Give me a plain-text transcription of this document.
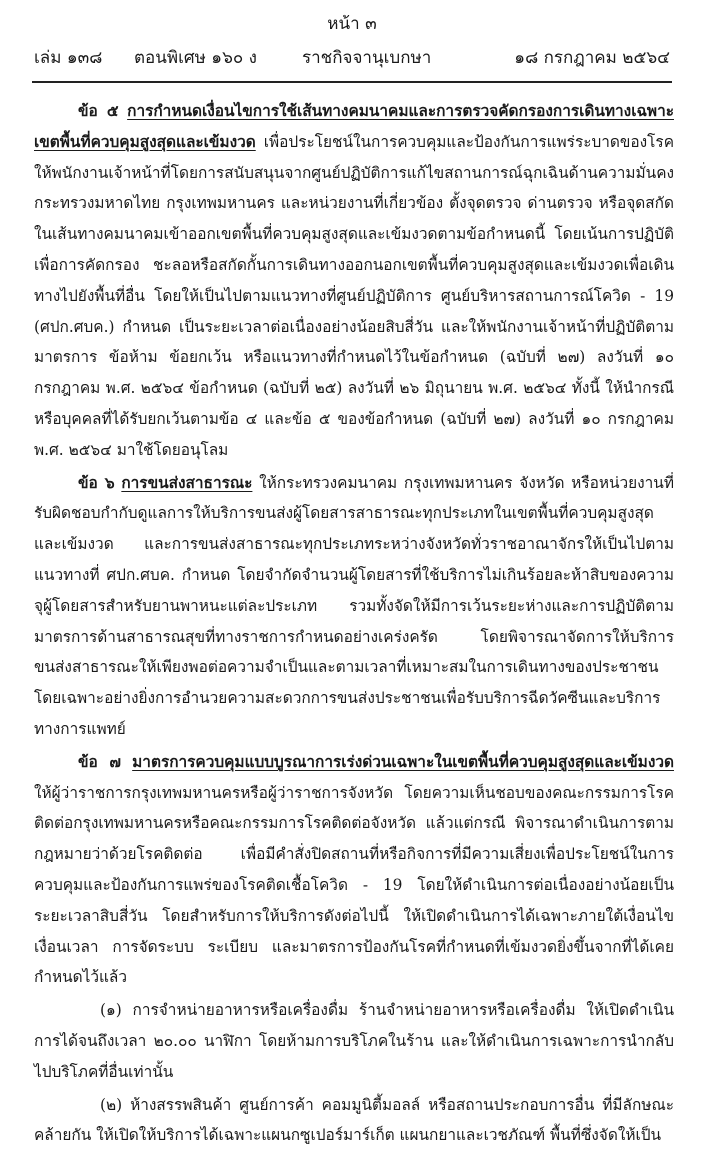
หน้า ๓
เล่ม ๑๓๘ ตอนพิเศษ ๑๖๐ ง	ราชกิจจานุเบกษา	๑๘ กรกฎาคม ๒๕๖๔

ข้อ ๕ การกำหนดเงื่อนไขการใช้เส้นทางคมนาคมและการตรวจคัดกรองการเดินทางเฉพาะเขตพื้นที่ควบคุมสูงสุดและเข้มงวด เพื่อประโยชน์ในการควบคุมและป้องกันการแพร่ระบาดของโรค ให้พนักงานเจ้าหน้าที่โดยการสนับสนุนจากศูนย์ปฏิบัติการแก้ไขสถานการณ์ฉุกเฉินด้านความมั่นคง กระทรวงมหาดไทย กรุงเทพมหานคร และหน่วยงานที่เกี่ยวข้อง ตั้งจุดตรวจ ด่านตรวจ หรือจุดสกัด ในเส้นทางคมนาคมเข้าออกเขตพื้นที่ควบคุมสูงสุดและเข้มงวดตามข้อกำหนดนี้ โดยเน้นการปฏิบัติเพื่อการคัดกรอง ชะลอหรือสกัดกั้นการเดินทางออกนอกเขตพื้นที่ควบคุมสูงสุดและเข้มงวดเพื่อเดินทางไปยังพื้นที่อื่น โดยให้เป็นไปตามแนวทางที่ศูนย์ปฏิบัติการ ศูนย์บริหารสถานการณ์โควิด - 19 (ศปก.ศบค.) กำหนด เป็นระยะเวลาต่อเนื่องอย่างน้อยสิบสี่วัน และให้พนักงานเจ้าหน้าที่ปฏิบัติตามมาตรการ ข้อห้าม ข้อยกเว้น หรือแนวทางที่กำหนดไว้ในข้อกำหนด (ฉบับที่ ๒๗) ลงวันที่ ๑๐ กรกฎาคม พ.ศ. ๒๕๖๔ ข้อกำหนด (ฉบับที่ ๒๕) ลงวันที่ ๒๖ มิถุนายน พ.ศ. ๒๕๖๔ ทั้งนี้ ให้นำกรณีหรือบุคคลที่ได้รับยกเว้นตามข้อ ๔ และข้อ ๕ ของข้อกำหนด (ฉบับที่ ๒๗) ลงวันที่ ๑๐ กรกฎาคม พ.ศ. ๒๕๖๔ มาใช้โดยอนุโลม

ข้อ ๖ การขนส่งสาธารณะ ให้กระทรวงคมนาคม กรุงเทพมหานคร จังหวัด หรือหน่วยงานที่รับผิดชอบกำกับดูแลการให้บริการขนส่งผู้โดยสารสาธารณะทุกประเภทในเขตพื้นที่ควบคุมสูงสุดและเข้มงวด และการขนส่งสาธารณะทุกประเภทระหว่างจังหวัดทั่วราชอาณาจักรให้เป็นไปตามแนวทางที่ ศปก.ศบค. กำหนด โดยจำกัดจำนวนผู้โดยสารที่ใช้บริการไม่เกินร้อยละห้าสิบของความจุผู้โดยสารสำหรับยานพาหนะแต่ละประเภท รวมทั้งจัดให้มีการเว้นระยะห่างและการปฏิบัติตามมาตรการด้านสาธารณสุขที่ทางราชการกำหนดอย่างเคร่งครัด โดยพิจารณาจัดการให้บริการขนส่งสาธารณะให้เพียงพอต่อความจำเป็นและตามเวลาที่เหมาะสมในการเดินทางของประชาชน โดยเฉพาะอย่างยิ่งการอำนวยความสะดวกการขนส่งประชาชนเพื่อรับบริการฉีดวัคซีนและบริการทางการแพทย์

ข้อ ๗ มาตรการควบคุมแบบบูรณาการเร่งด่วนเฉพาะในเขตพื้นที่ควบคุมสูงสุดและเข้มงวด ให้ผู้ว่าราชการกรุงเทพมหานครหรือผู้ว่าราชการจังหวัด โดยความเห็นชอบของคณะกรรมการโรคติดต่อกรุงเทพมหานครหรือคณะกรรมการโรคติดต่อจังหวัด แล้วแต่กรณี พิจารณาดำเนินการตามกฎหมายว่าด้วยโรคติดต่อ เพื่อมีคำสั่งปิดสถานที่หรือกิจการที่มีความเสี่ยงเพื่อประโยชน์ในการควบคุมและป้องกันการแพร่ของโรคติดเชื้อโควิด - 19 โดยให้ดำเนินการต่อเนื่องอย่างน้อยเป็นระยะเวลาสิบสี่วัน โดยสำหรับการให้บริการดังต่อไปนี้ ให้เปิดดำเนินการได้เฉพาะภายใต้เงื่อนไข เงื่อนเวลา การจัดระบบ ระเบียบ และมาตรการป้องกันโรคที่กำหนดที่เข้มงวดยิ่งขึ้นจากที่ได้เคยกำหนดไว้แล้ว

(๑) การจำหน่ายอาหารหรือเครื่องดื่ม ร้านจำหน่ายอาหารหรือเครื่องดื่ม ให้เปิดดำเนินการได้จนถึงเวลา ๒๐.๐๐ นาฬิกา โดยห้ามการบริโภคในร้าน และให้ดำเนินการเฉพาะการนำกลับไปบริโภคที่อื่นเท่านั้น

(๒) ห้างสรรพสินค้า ศูนย์การค้า คอมมูนิตี้มอลล์ หรือสถานประกอบการอื่น ที่มีลักษณะคล้ายกัน ให้เปิดให้บริการได้เฉพาะแผนกซูเปอร์มาร์เก็ต แผนกยาและเวชภัณฑ์ พื้นที่ซึ่งจัดให้เป็น
